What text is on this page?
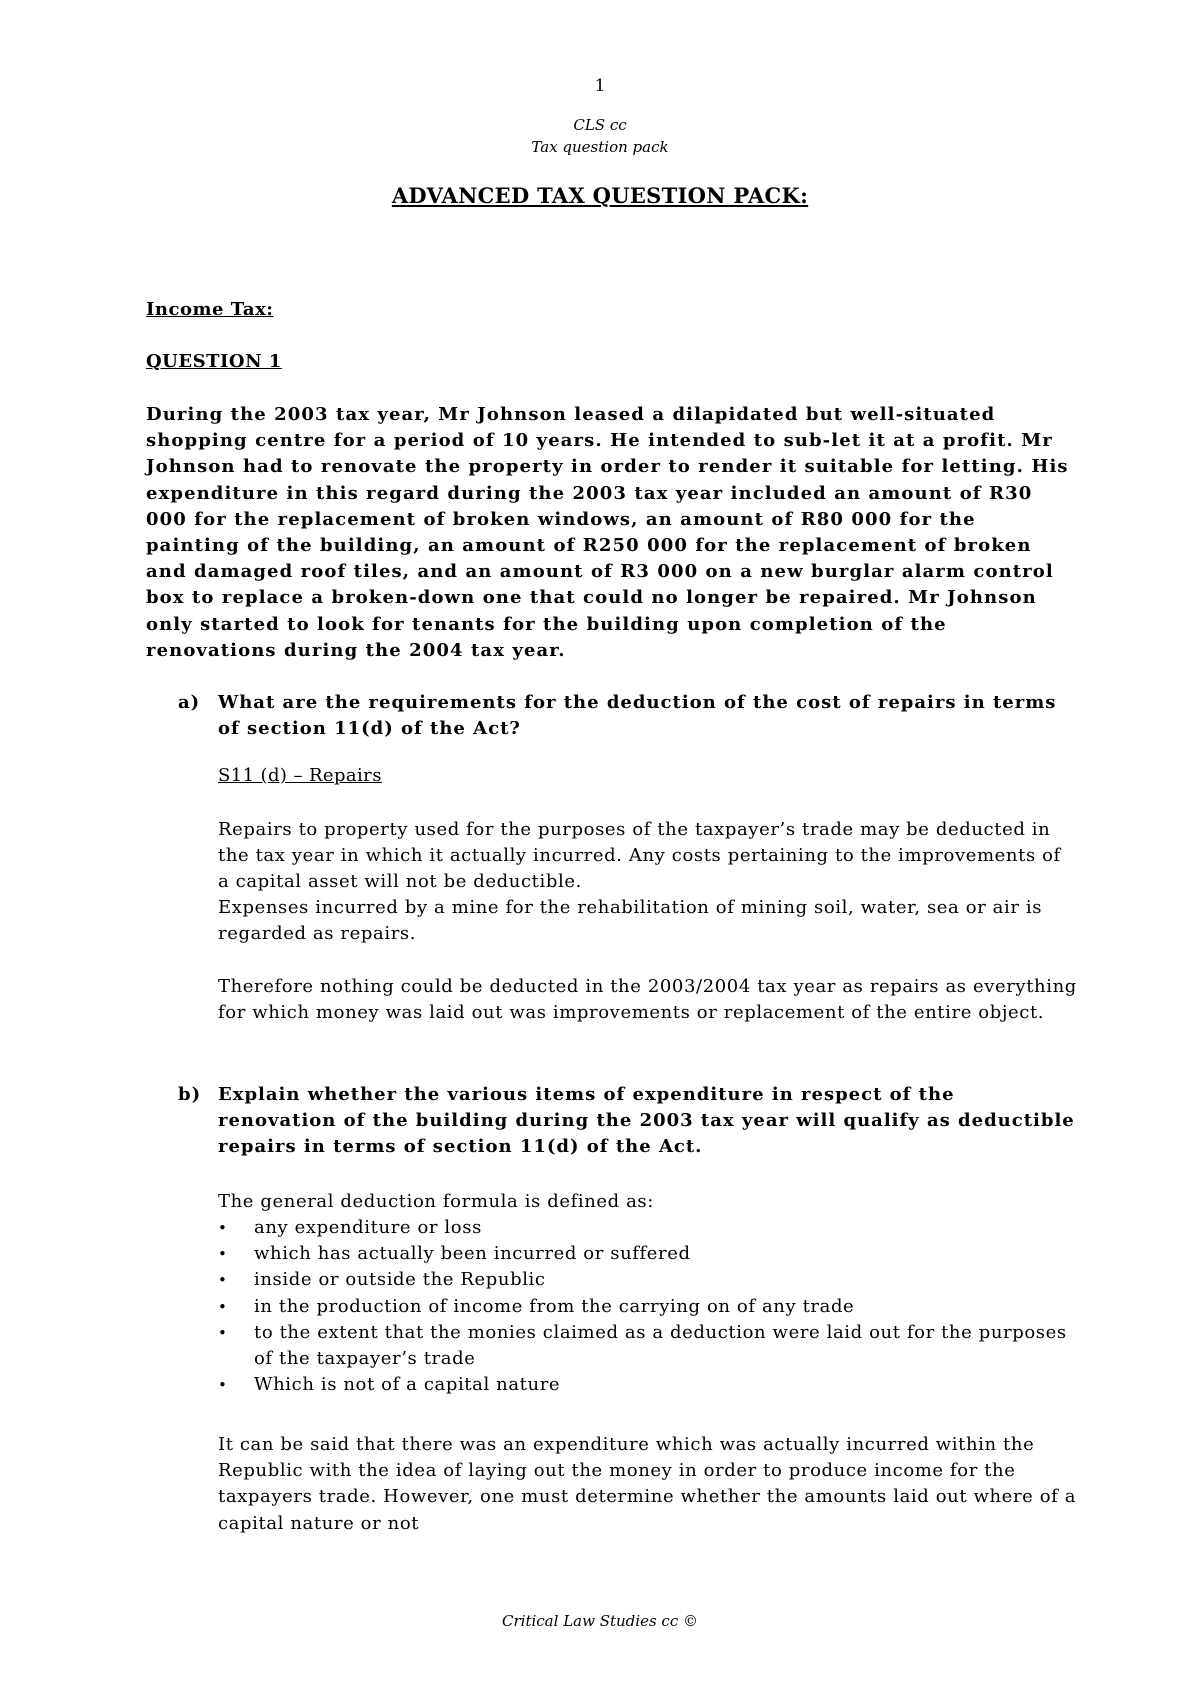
1
CLS cc
Tax question pack
ADVANCED TAX QUESTION PACK:
Income Tax:
QUESTION 1

During the 2003 tax year, Mr Johnson leased a dilapidated but well-situated shopping centre for a period of 10 years. He intended to sub-let it at a profit. Mr Johnson had to renovate the property in order to render it suitable for letting. His expenditure in this regard during the 2003 tax year included an amount of R30 000 for the replacement of broken windows, an amount of R80 000 for the painting of the building, an amount of R250 000 for the replacement of broken and damaged roof tiles, and an amount of R3 000 on a new burglar alarm control box to replace a broken-down one that could no longer be repaired. Mr Johnson only started to look for tenants for the building upon completion of the renovations during the 2004 tax year.

a) What are the requirements for the deduction of the cost of repairs in terms of section 11(d) of the Act?
S11 (d) – Repairs

Repairs to property used for the purposes of the taxpayer’s trade may be deducted in the tax year in which it actually incurred. Any costs pertaining to the improvements of a capital asset will not be deductible.

Expenses incurred by a mine for the rehabilitation of mining soil, water, sea or air is regarded as repairs.

Therefore nothing could be deducted in the 2003/2004 tax year as repairs as everything for which money was laid out was improvements or replacement of the entire object.

b) Explain whether the various items of expenditure in respect of the renovation of the building during the 2003 tax year will qualify as deductible repairs in terms of section 11(d) of the Act.

The general deduction formula is defined as:

•	any expenditure or loss
•	which has actually been incurred or suffered
•	inside or outside the Republic
•	in the production of income from the carrying on of any trade
•	to the extent that the monies claimed as a deduction were laid out for the purposes of the taxpayer’s trade
•	Which is not of a capital nature

It can be said that there was an expenditure which was actually incurred within the Republic with the idea of laying out the money in order to produce income for the taxpayers trade. However, one must determine whether the amounts laid out where of a capital nature or not

Critical Law Studies cc ©
